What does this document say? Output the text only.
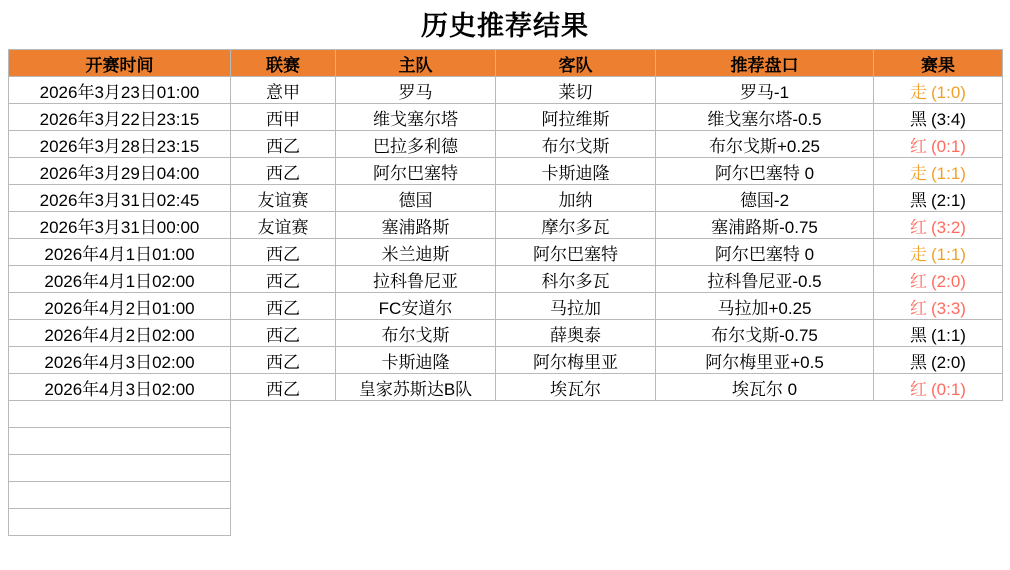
历史推荐结果
开赛时间	联赛	主队	客队	推荐盘口	赛果
2026年3月23日01:00	意甲	罗马	莱切	罗马-1	走 (1:0)
2026年3月22日23:15	西甲	维戈塞尔塔	阿拉维斯	维戈塞尔塔-0.5	黑 (3:4)
2026年3月28日23:15	西乙	巴拉多利德	布尔戈斯	布尔戈斯+0.25	红 (0:1)
2026年3月29日04:00	西乙	阿尔巴塞特	卡斯迪隆	阿尔巴塞特 0	走 (1:1)
2026年3月31日02:45	友谊赛	德国	加纳	德国-2	黑 (2:1)
2026年3月31日00:00	友谊赛	塞浦路斯	摩尔多瓦	塞浦路斯-0.75	红 (3:2)
2026年4月1日01:00	西乙	米兰迪斯	阿尔巴塞特	阿尔巴塞特 0	走 (1:1)
2026年4月1日02:00	西乙	拉科鲁尼亚	科尔多瓦	拉科鲁尼亚-0.5	红 (2:0)
2026年4月2日01:00	西乙	FC安道尔	马拉加	马拉加+0.25	红 (3:3)
2026年4月2日02:00	西乙	布尔戈斯	薛奥泰	布尔戈斯-0.75	黑 (1:1)
2026年4月3日02:00	西乙	卡斯迪隆	阿尔梅里亚	阿尔梅里亚+0.5	黑 (2:0)
2026年4月3日02:00	西乙	皇家苏斯达B队	埃瓦尔	埃瓦尔 0	红 (0:1)
